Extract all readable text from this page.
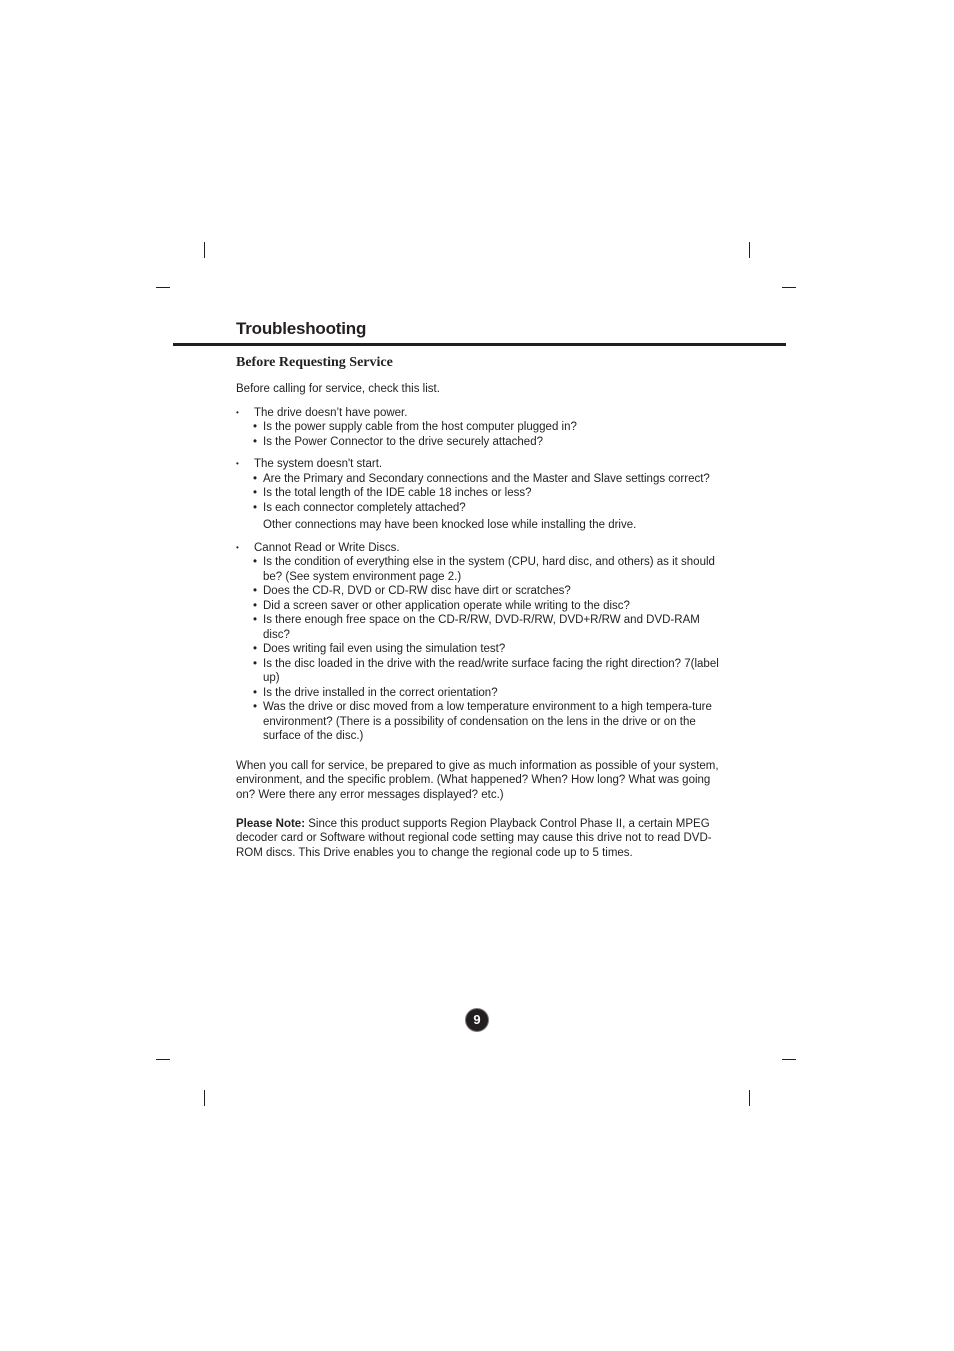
Troubleshooting
Before Requesting Service

Before calling for service, check this list.

• The drive doesn’t have power.
• Is the power supply cable from the host computer plugged in?
• Is the Power Connector to the drive securely attached?
• The system doesn't start.
• Are the Primary and Secondary connections and the Master and Slave settings correct?
• Is the total length of the IDE cable 18 inches or less?
• Is each connector completely attached?
Other connections may have been knocked lose while installing the drive.
• Cannot Read or Write Discs.
• Is the condition of everything else in the system (CPU, hard disc, and others) as it should be? (See system environment page 2.)
• Does the CD-R, DVD or CD-RW disc have dirt or scratches?
• Did a screen saver or other application operate while writing to the disc?
• Is there enough free space on the CD-R/RW, DVD-R/RW, DVD+R/RW and DVD-RAM disc?
• Does writing fail even using the simulation test?
• Is the disc loaded in the drive with the read/write surface facing the right direction? 7(label up)
• Is the drive installed in the correct orientation?
• Was the drive or disc moved from a low temperature environment to a high tempera-ture environment? (There is a possibility of condensation on the lens in the drive or on the surface of the disc.)

When you call for service, be prepared to give as much information as possible of your system, environment, and the specific problem. (What happened? When? How long? What was going on? Were there any error messages displayed? etc.)

Please Note: Since this product supports Region Playback Control Phase II, a certain MPEG decoder card or Software without regional code setting may cause this drive not to read DVD-ROM discs. This Drive enables you to change the regional code up to 5 times.

9
